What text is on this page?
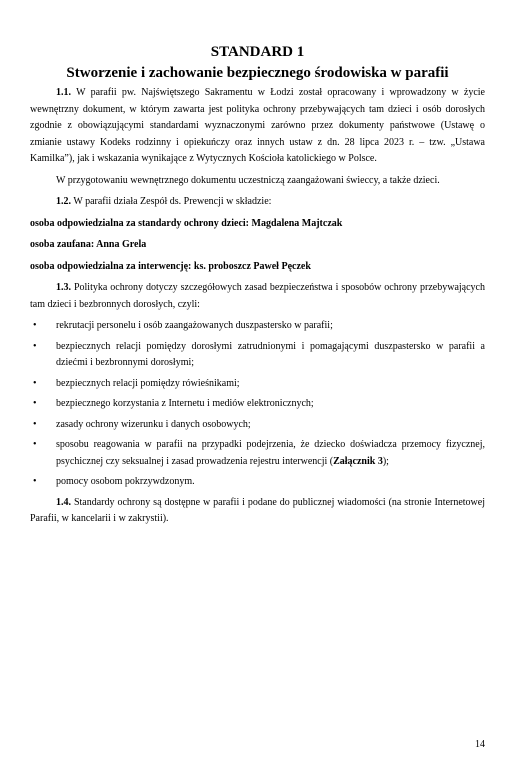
STANDARD 1
Stworzenie i zachowanie bezpiecznego środowiska w parafii

1.1. W parafii pw. Najświętszego Sakramentu w Łodzi został opracowany i wprowadzony w życie wewnętrzny dokument, w którym zawarta jest polityka ochrony przebywających tam dzieci i osób dorosłych zgodnie z obowiązującymi standardami wyznaczonymi zarówno przez dokumenty państwowe (Ustawę o zmianie ustawy Kodeks rodzinny i opiekuńczy oraz innych ustaw z dn. 28 lipca 2023 r. – tzw. „Ustawa Kamilka”), jak i wskazania wynikające z Wytycznych Kościoła katolickiego w Polsce.

W przygotowaniu wewnętrznego dokumentu uczestniczą zaangażowani świeccy, a także dzieci.

1.2. W parafii działa Zespół ds. Prewencji w składzie:

osoba odpowiedzialna za standardy ochrony dzieci: Magdalena Majtczak

osoba zaufana: Anna Grela

osoba odpowiedzialna za interwencję: ks. proboszcz Paweł Pęczek

1.3. Polityka ochrony dotyczy szczegółowych zasad bezpieczeństwa i sposobów ochrony przebywających tam dzieci i bezbronnych dorosłych, czyli:

• rekrutacji personelu i osób zaangażowanych duszpastersko w parafii;
• bezpiecznych relacji pomiędzy dorosłymi zatrudnionymi i pomagającymi duszpastersko w parafii a dziećmi i bezbronnymi dorosłymi;
• bezpiecznych relacji pomiędzy rówieśnikami;
• bezpiecznego korzystania z Internetu i mediów elektronicznych;
• zasady ochrony wizerunku i danych osobowych;
• sposobu reagowania w parafii na przypadki podejrzenia, że dziecko doświadcza przemocy fizycznej, psychicznej czy seksualnej i zasad prowadzenia rejestru interwencji (Załącznik 3);
• pomocy osobom pokrzywdzonym.

1.4. Standardy ochrony są dostępne w parafii i podane do publicznej wiadomości (na stronie Internetowej Parafii, w kancelarii i w zakrystii).

14
